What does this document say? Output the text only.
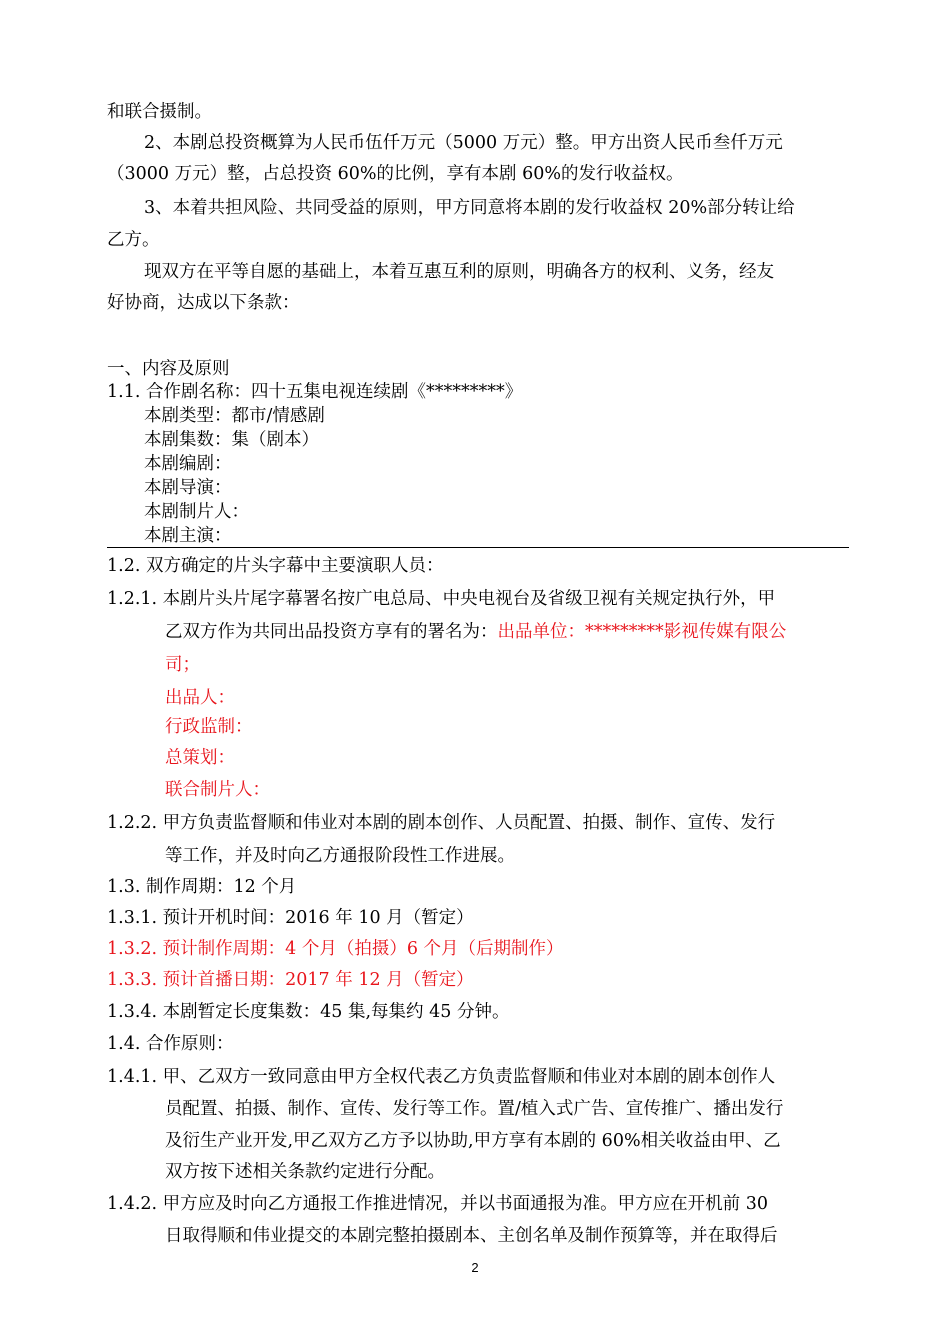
和联合摄制。
2、本剧总投资概算为人民币伍仟万元（5000 万元）整。甲方出资人民币叁仟万元
（3000 万元）整，占总投资 60%的比例，享有本剧 60%的发行收益权。
3、本着共担风险、共同受益的原则，甲方同意将本剧的发行收益权 20%部分转让给
乙方。
现双方在平等自愿的基础上，本着互惠互利的原则，明确各方的权利、义务，经友
好协商，达成以下条款：
一、内容及原则
1.1. 合作剧名称：四十五集电视连续剧《*********》
本剧类型：都市/情感剧
本剧集数：集（剧本）
本剧编剧：
本剧导演：
本剧制片人：
本剧主演：
1.2. 双方确定的片头字幕中主要演职人员：
1.2.1. 本剧片头片尾字幕署名按广电总局、中央电视台及省级卫视有关规定执行外，甲
乙双方作为共同出品投资方享有的署名为：出品单位：*********影视传媒有限公
司；
出品人：
行政监制：
总策划：
联合制片人：
1.2.2. 甲方负责监督顺和伟业对本剧的剧本创作、人员配置、拍摄、制作、宣传、发行
等工作，并及时向乙方通报阶段性工作进展。
1.3. 制作周期：12 个月
1.3.1. 预计开机时间：2016 年 10 月（暂定）
1.3.2. 预计制作周期：4 个月（拍摄）6 个月（后期制作）
1.3.3. 预计首播日期：2017 年 12 月（暂定）
1.3.4. 本剧暂定长度集数：45 集,每集约 45 分钟。
1.4. 合作原则：
1.4.1. 甲、乙双方一致同意由甲方全权代表乙方负责监督顺和伟业对本剧的剧本创作人
员配置、拍摄、制作、宣传、发行等工作。置/植入式广告、宣传推广、播出发行
及衍生产业开发,甲乙双方乙方予以协助,甲方享有本剧的 60%相关收益由甲、乙
双方按下述相关条款约定进行分配。
1.4.2. 甲方应及时向乙方通报工作推进情况，并以书面通报为准。甲方应在开机前 30
日取得顺和伟业提交的本剧完整拍摄剧本、主创名单及制作预算等，并在取得后
2
